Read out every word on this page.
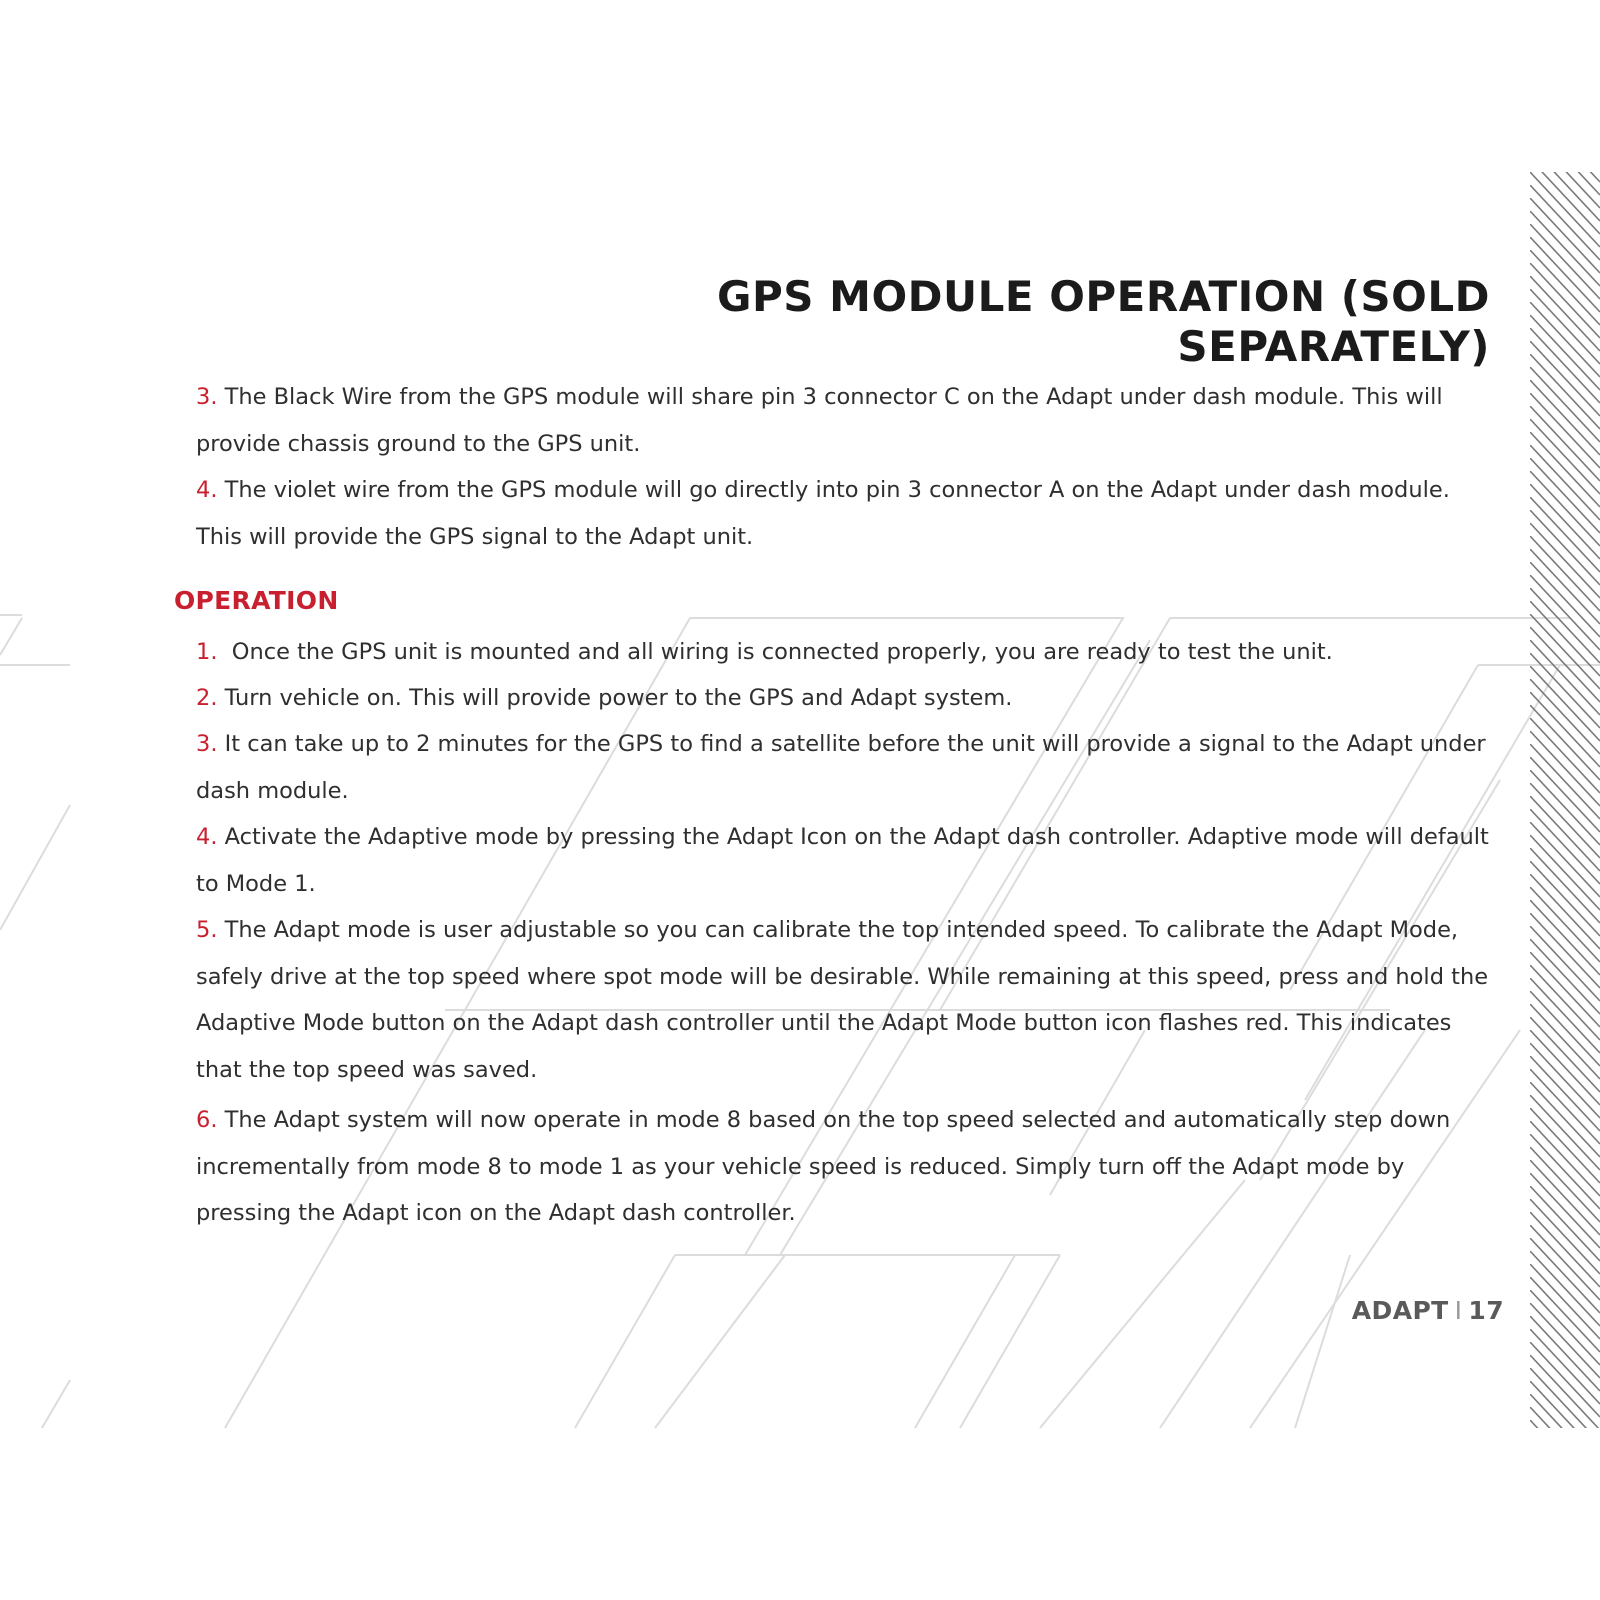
GPS MODULE OPERATION (SOLD SEPARATELY)

3. The Black Wire from the GPS module will share pin 3 connector C on the Adapt under dash module. This will provide chassis ground to the GPS unit.

4. The violet wire from the GPS module will go directly into pin 3 connector A on the Adapt under dash module. This will provide the GPS signal to the Adapt unit.

OPERATION

1.  Once the GPS unit is mounted and all wiring is connected properly, you are ready to test the unit.

2. Turn vehicle on. This will provide power to the GPS and Adapt system.

3. It can take up to 2 minutes for the GPS to find a satellite before the unit will provide a signal to the Adapt under dash module.

4. Activate the Adaptive mode by pressing the Adapt Icon on the Adapt dash controller. Adaptive mode will default to Mode 1.

5. The Adapt mode is user adjustable so you can calibrate the top intended speed. To calibrate the Adapt Mode, safely drive at the top speed where spot mode will be desirable. While remaining at this speed, press and hold the Adaptive Mode button on the Adapt dash controller until the Adapt Mode button icon flashes red. This indicates that the top speed was saved.

6. The Adapt system will now operate in mode 8 based on the top speed selected and automatically step down incrementally from mode 8 to mode 1 as your vehicle speed is reduced. Simply turn off the Adapt mode by pressing the Adapt icon on the Adapt dash controller.

ADAPT I 17
